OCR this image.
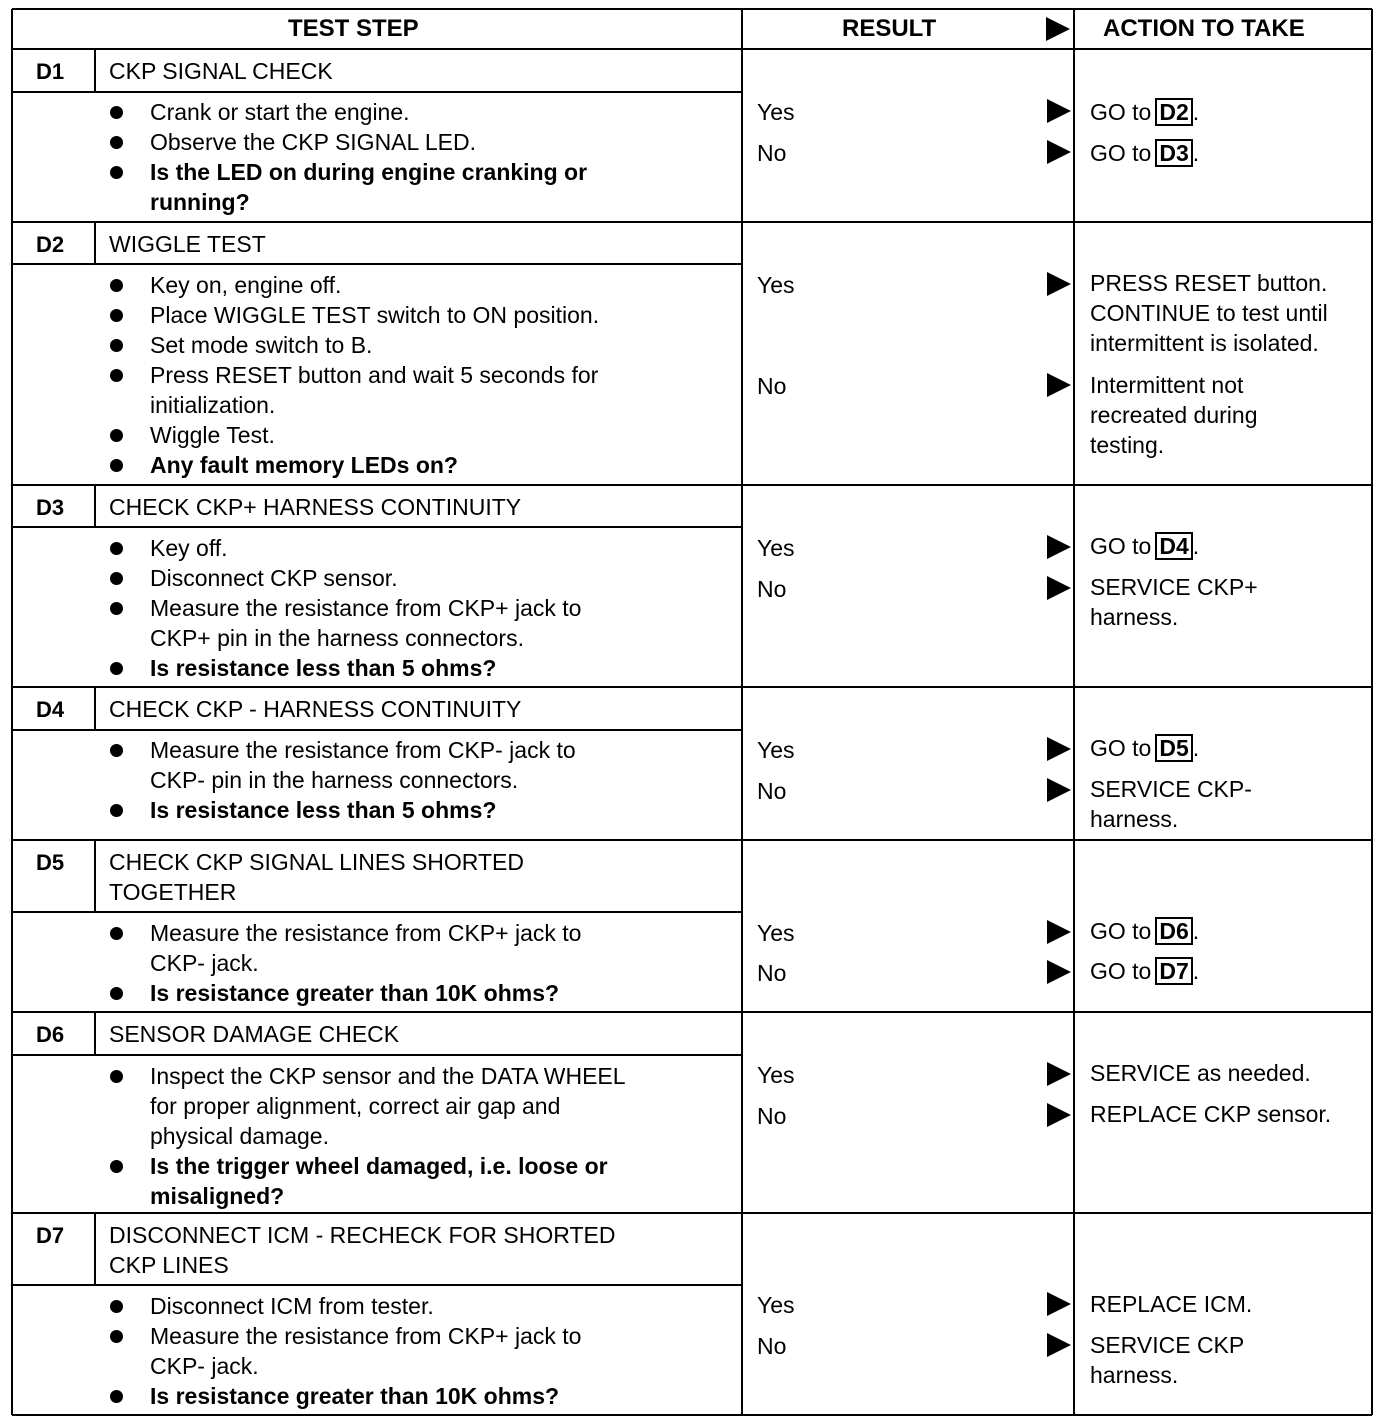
TEST STEP	RESULT	ACTION TO TAKE
D1 CKP SIGNAL CHECK
Crank or start the engine.
Observe the CKP SIGNAL LED.
Is the LED on during engine cranking or
running?
Yes
No
GO to D2 .
GO to D3 .
D2 WIGGLE TEST
Key on, engine off.
Place WIGGLE TEST switch to ON position.
Set mode switch to B.
Press RESET button and wait 5 seconds for
initialization.
Wiggle Test.
Any fault memory LEDs on?
Yes
No
PRESS RESET button.
CONTINUE to test until
intermittent is isolated.
Intermittent not
recreated during
testing.
D3 CHECK CKP+ HARNESS CONTINUITY
Key off.
Disconnect CKP sensor.
Measure the resistance from CKP+ jack to
CKP+ pin in the harness connectors.
Is resistance less than 5 ohms?
Yes
No
GO to D4 .
SERVICE CKP+
harness.
D4 CHECK CKP - HARNESS CONTINUITY
Measure the resistance from CKP- jack to
CKP- pin in the harness connectors.
Is resistance less than 5 ohms?
Yes
No
GO to D5 .
SERVICE CKP-
harness.
D5 CHECK CKP SIGNAL LINES SHORTED
TOGETHER
Measure the resistance from CKP+ jack to
CKP- jack.
Is resistance greater than 10K ohms?
Yes
No
GO to D6 .
GO to D7 .
D6 SENSOR DAMAGE CHECK
Inspect the CKP sensor and the DATA WHEEL
for proper alignment, correct air gap and
physical damage.
Is the trigger wheel damaged, i.e. loose or
misaligned?
Yes
No
SERVICE as needed.
REPLACE CKP sensor.
D7 DISCONNECT ICM - RECHECK FOR SHORTED
CKP LINES
Disconnect ICM from tester.
Measure the resistance from CKP+ jack to
CKP- jack.
Is resistance greater than 10K ohms?
Yes
No
REPLACE ICM.
SERVICE CKP
harness.
